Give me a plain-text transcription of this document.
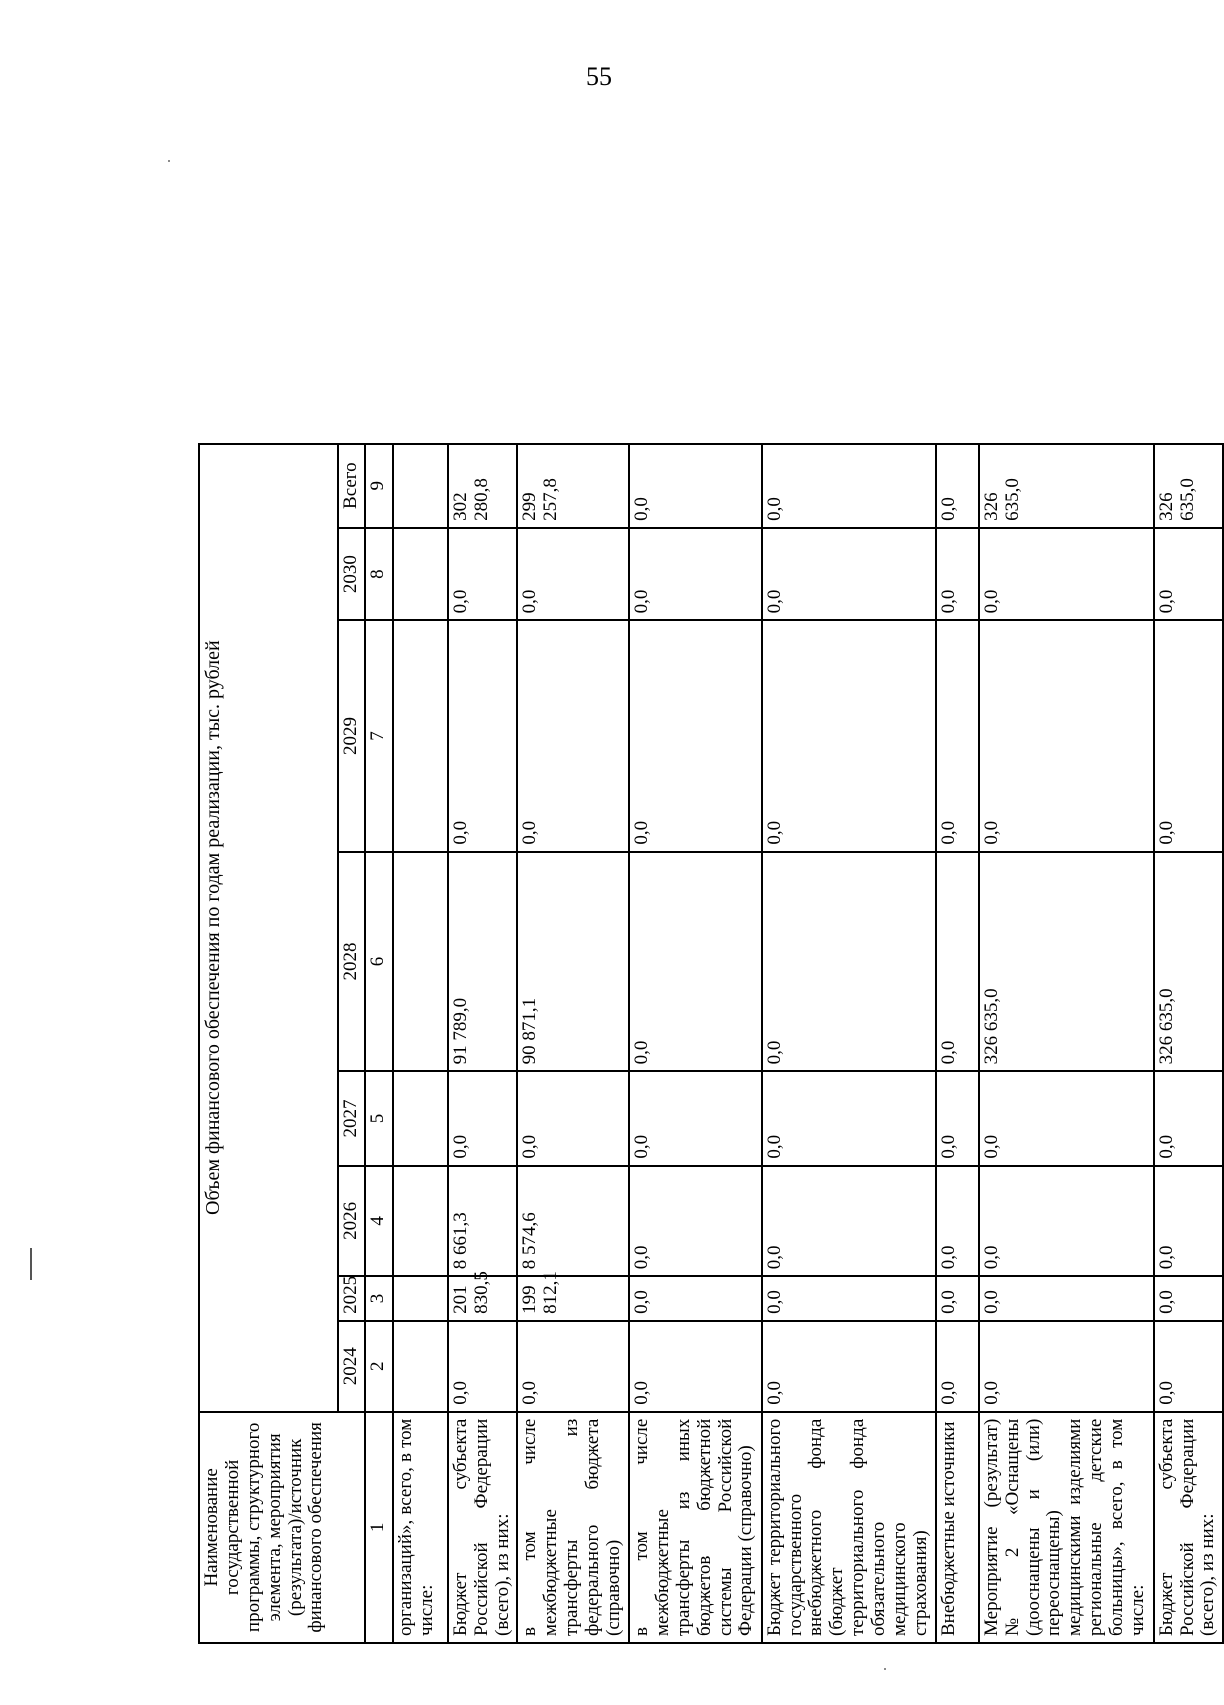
55
Наименование государственной программы, структурного элемента, мероприятия (результата)/источник финансового обеспечения	Объем финансового обеспечения по годам реализации, тыс. рублей							
	2024	2025	2026	2027	2028	2029	2030	Всего
1	2	3	4	5	6	7	8	9
организаций», всего, в том числе:								
Бюджет субъекта Российской Федерации (всего), из них:	0,0	201 830,5	8 661,3	0,0	91 789,0	0,0	0,0	302 280,8
в том числе межбюджетные трансферты из федерального бюджета (справочно)	0,0	199 812,1	8 574,6	0,0	90 871,1	0,0	0,0	299 257,8
в том числе межбюджетные трансферты из иных бюджетов бюджетной системы Российской Федерации (справочно)	0,0	0,0	0,0	0,0	0,0	0,0	0,0	0,0
Бюджет территориального государственного внебюджетного фонда (бюджет территориального фонда обязательного медицинского страхования)	0,0	0,0	0,0	0,0	0,0	0,0	0,0	0,0
Внебюджетные источники	0,0	0,0	0,0	0,0	0,0	0,0	0,0	0,0
Мероприятие (результат) № 2 «Оснащены (дооснащены и (или) переоснащены) медицинскими изделиями региональные детские больницы», всего, в том числе:	0,0	0,0	0,0	0,0	326 635,0	0,0	0,0	326 635,0
Бюджет субъекта Российской Федерации (всего), из них:	0,0	0,0	0,0	0,0	326 635,0	0,0	0,0	326 635,0
